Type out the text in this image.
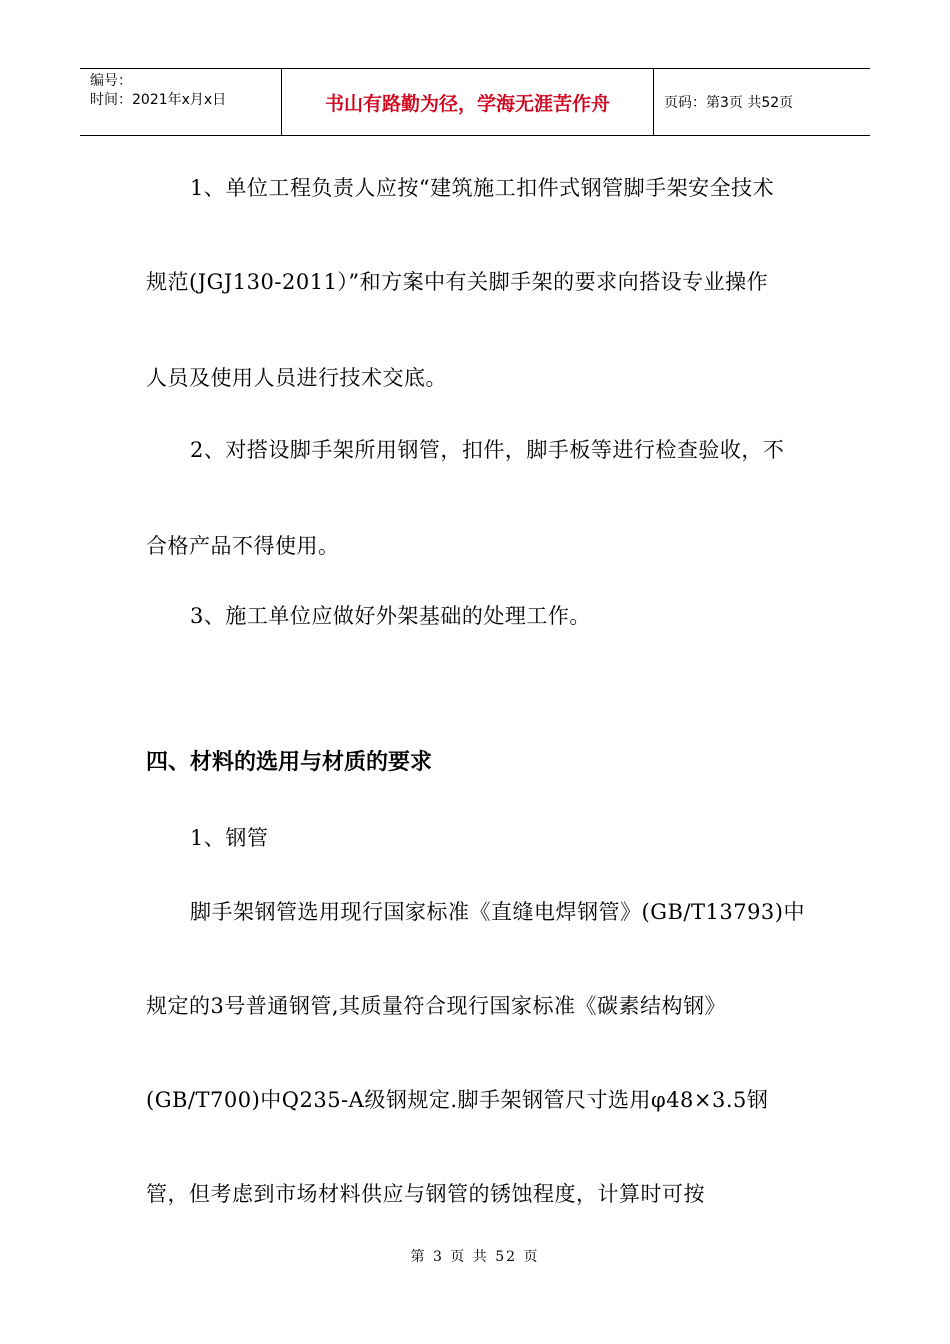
编号：
时间：2021年x月x日	书山有路勤为径，学海无涯苦作舟	页码：第3页 共52页
1、单位工程负责人应按“建筑施工扣件式钢管脚手架安全技术
规范(JGJ130-2011）”和方案中有关脚手架的要求向搭设专业操作
人员及使用人员进行技术交底。
2、对搭设脚手架所用钢管，扣件，脚手板等进行检查验收，不
合格产品不得使用。
3、施工单位应做好外架基础的处理工作。
四、材料的选用与材质的要求
1、钢管
脚手架钢管选用现行国家标准《直缝电焊钢管》(GB/T13793)中
规定的3号普通钢管,其质量符合现行国家标准《碳素结构钢》
(GB/T700)中Q235-A级钢规定.脚手架钢管尺寸选用φ48×3.5钢
管，但考虑到市场材料供应与钢管的锈蚀程度，计算时可按
第 3 页 共 52 页
